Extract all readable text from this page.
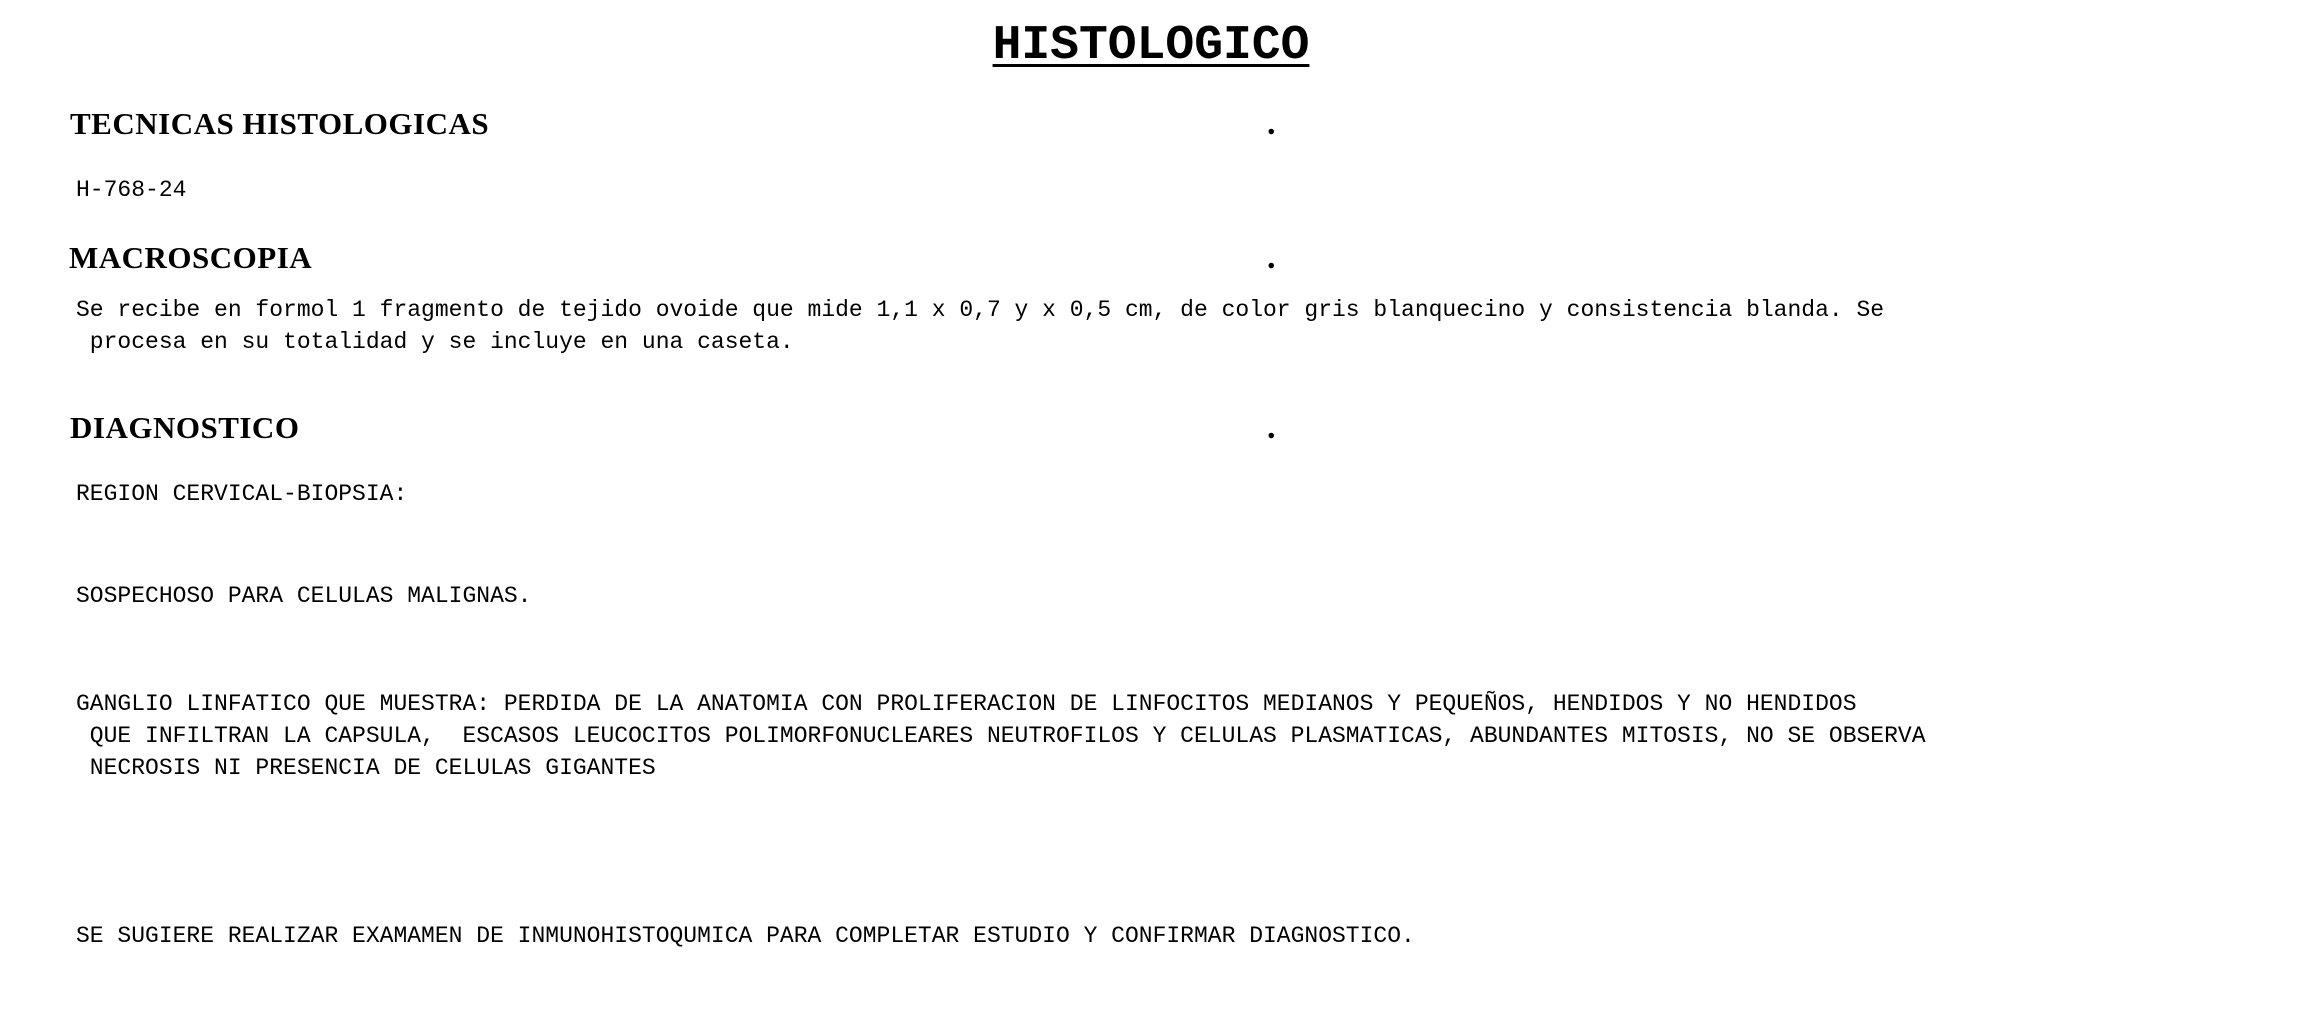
HISTOLOGICO
TECNICAS HISTOLOGICAS	.
H-768-24
MACROSCOPIA	.
Se recibe en formol 1 fragmento de tejido ovoide que mide 1,1 x 0,7 y x 0,5 cm, de color gris blanquecino y consistencia blanda. Se
procesa en su totalidad y se incluye en una caseta.
DIAGNOSTICO	.
REGION CERVICAL-BIOPSIA:
SOSPECHOSO PARA CELULAS MALIGNAS.
GANGLIO LINFATICO QUE MUESTRA: PERDIDA DE LA ANATOMIA CON PROLIFERACION DE LINFOCITOS MEDIANOS Y PEQUEÑOS, HENDIDOS Y NO HENDIDOS
QUE INFILTRAN LA CAPSULA,  ESCASOS LEUCOCITOS POLIMORFONUCLEARES NEUTROFILOS Y CELULAS PLASMATICAS, ABUNDANTES MITOSIS, NO SE OBSERVA
NECROSIS NI PRESENCIA DE CELULAS GIGANTES
SE SUGIERE REALIZAR EXAMAMEN DE INMUNOHISTOQUMICA PARA COMPLETAR ESTUDIO Y CONFIRMAR DIAGNOSTICO.
